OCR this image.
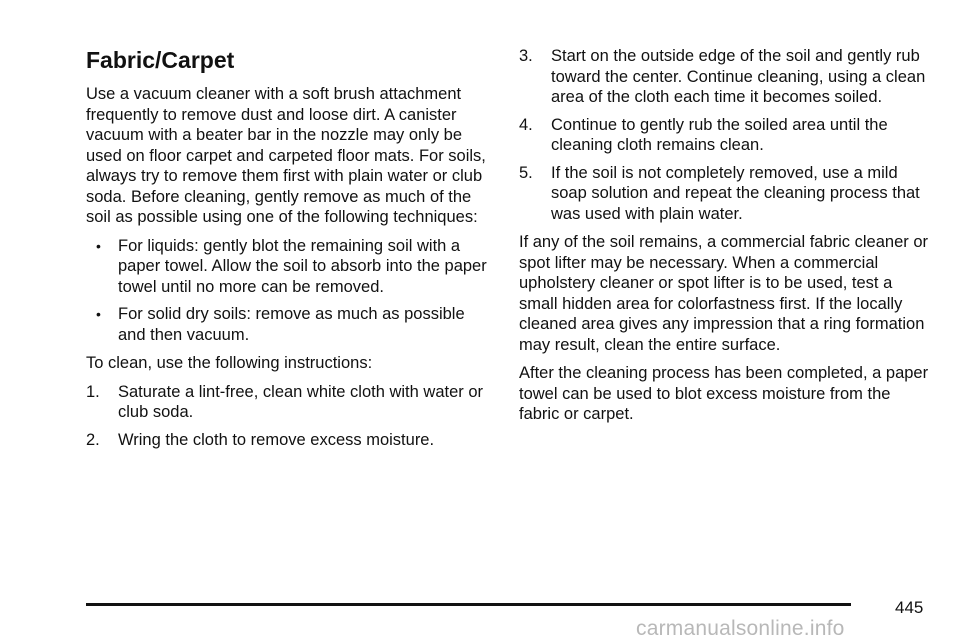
Fabric/Carpet

Use a vacuum cleaner with a soft brush attachment frequently to remove dust and loose dirt. A canister vacuum with a beater bar in the nozzle may only be used on floor carpet and carpeted floor mats. For soils, always try to remove them first with plain water or club soda. Before cleaning, gently remove as much of the soil as possible using one of the following techniques:

• For liquids: gently blot the remaining soil with a paper towel. Allow the soil to absorb into the paper towel until no more can be removed.
• For solid dry soils: remove as much as possible and then vacuum.

To clean, use the following instructions:

1. Saturate a lint-free, clean white cloth with water or club soda.
2. Wring the cloth to remove excess moisture.
3. Start on the outside edge of the soil and gently rub toward the center. Continue cleaning, using a clean area of the cloth each time it becomes soiled.
4. Continue to gently rub the soiled area until the cleaning cloth remains clean.
5. If the soil is not completely removed, use a mild soap solution and repeat the cleaning process that was used with plain water.

If any of the soil remains, a commercial fabric cleaner or spot lifter may be necessary. When a commercial upholstery cleaner or spot lifter is to be used, test a small hidden area for colorfastness first. If the locally cleaned area gives any impression that a ring formation may result, clean the entire surface.

After the cleaning process has been completed, a paper towel can be used to blot excess moisture from the fabric or carpet.

445
carmanualsonline.info
